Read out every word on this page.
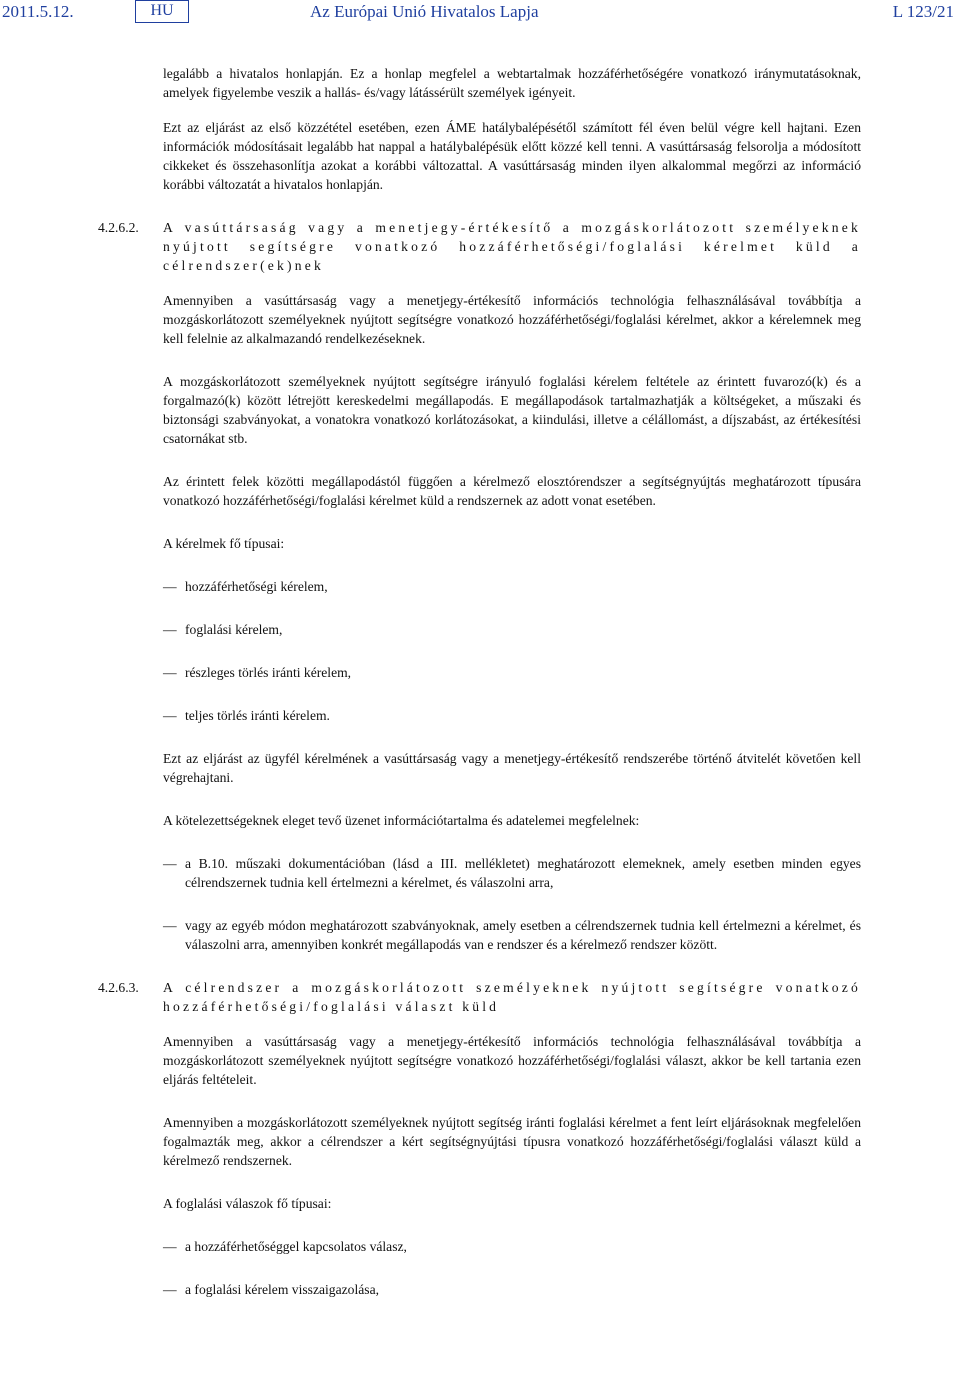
2011.5.12.	HU	Az Európai Unió Hivatalos Lapja	L 123/21

legalább a hivatalos honlapján. Ez a honlap megfelel a webtartalmak hozzáférhetőségére vonatkozó iránymutatásoknak, amelyek figyelembe veszik a hallás- és/vagy látássérült személyek igényeit.

Ezt az eljárást az első közzététel esetében, ezen ÁME hatálybalépésétől számított fél éven belül végre kell hajtani. Ezen információk módosításait legalább hat nappal a hatálybalépésük előtt közzé kell tenni. A vasúttársaság felsorolja a módosított cikkeket és összehasonlítja azokat a korábbi változattal. A vasúttársaság minden ilyen alkalommal megőrzi az információ korábbi változatát a hivatalos honlapján.

4.2.6.2. A vasúttársaság vagy a menetjegy-értékesítő a mozgáskorlátozott személyeknek nyújtott segítségre vonatkozó hozzáférhetőségi/foglalási kérelmet küld a célrendszer(ek)nek

Amennyiben a vasúttársaság vagy a menetjegy-értékesítő információs technológia felhasználásával továbbítja a mozgáskorlátozott személyeknek nyújtott segítségre vonatkozó hozzáférhetőségi/foglalási kérelmet, akkor a kérelemnek meg kell felelnie az alkalmazandó rendelkezéseknek.

A mozgáskorlátozott személyeknek nyújtott segítségre irányuló foglalási kérelem feltétele az érintett fuvarozó(k) és a forgalmazó(k) között létrejött kereskedelmi megállapodás. E megállapodások tartalmazhatják a költségeket, a műszaki és biztonsági szabványokat, a vonatokra vonatkozó korlátozásokat, a kiindulási, illetve a célállomást, a díjszabást, az értékesítési csatornákat stb.

Az érintett felek közötti megállapodástól függően a kérelmező elosztórendszer a segítségnyújtás meghatározott típusára vonatkozó hozzáférhetőségi/foglalási kérelmet küld a rendszernek az adott vonat esetében.

A kérelmek fő típusai:

— hozzáférhetőségi kérelem,
— foglalási kérelem,
— részleges törlés iránti kérelem,
— teljes törlés iránti kérelem.

Ezt az eljárást az ügyfél kérelmének a vasúttársaság vagy a menetjegy-értékesítő rendszerébe történő átvitelét követően kell végrehajtani.

A kötelezettségeknek eleget tevő üzenet információtartalma és adatelemei megfelelnek:

— a B.10. műszaki dokumentációban (lásd a III. mellékletet) meghatározott elemeknek, amely esetben minden egyes célrendszernek tudnia kell értelmezni a kérelmet, és válaszolni arra,
— vagy az egyéb módon meghatározott szabványoknak, amely esetben a célrendszernek tudnia kell értelmezni a kérelmet, és válaszolni arra, amennyiben konkrét megállapodás van e rendszer és a kérelmező rendszer között.
4.2.6.3. A célrendszer a mozgáskorlátozott személyeknek nyújtott segítségre vonatkozó hozzáférhetőségi/foglalási választ küld

Amennyiben a vasúttársaság vagy a menetjegy-értékesítő információs technológia felhasználásával továbbítja a mozgáskorlátozott személyeknek nyújtott segítségre vonatkozó hozzáférhetőségi/foglalási választ, akkor be kell tartania ezen eljárás feltételeit.

Amennyiben a mozgáskorlátozott személyeknek nyújtott segítség iránti foglalási kérelmet a fent leírt eljárásoknak megfelelően fogalmazták meg, akkor a célrendszer a kért segítségnyújtási típusra vonatkozó hozzáférhetőségi/foglalási választ küld a kérelmező rendszernek.

A foglalási válaszok fő típusai:

— a hozzáférhetőséggel kapcsolatos válasz,
— a foglalási kérelem visszaigazolása,
